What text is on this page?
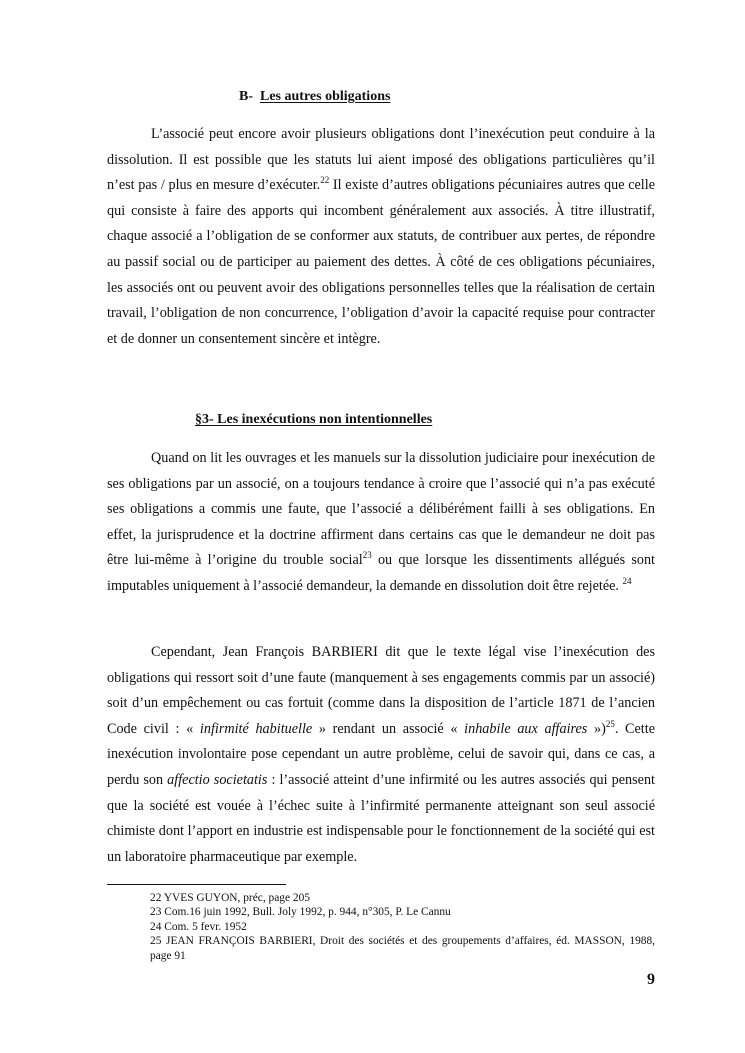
B- Les autres obligations

L’associé peut encore avoir plusieurs obligations dont l’inexécution peut conduire à la dissolution. Il est possible que les statuts lui aient imposé des obligations particulières qu’il n’est pas / plus en mesure d’exécuter.$^{22}$ Il existe d’autres obligations pécuniaires autres que celle qui consiste à faire des apports qui incombent généralement aux associés. À titre illustratif, chaque associé a l’obligation de se conformer aux statuts, de contribuer aux pertes, de répondre au passif social ou de participer au paiement des dettes. À côté de ces obligations pécuniaires, les associés ont ou peuvent avoir des obligations personnelles telles que la réalisation de certain travail, l’obligation de non concurrence, l’obligation d’avoir la capacité requise pour contracter et de donner un consentement sincère et intègre.

§3- Les inexécutions non intentionnelles

Quand on lit les ouvrages et les manuels sur la dissolution judiciaire pour inexécution de ses obligations par un associé, on a toujours tendance à croire que l’associé qui n’a pas exécuté ses obligations a commis une faute, que l’associé a délibérément failli à ses obligations. En effet, la jurisprudence et la doctrine affirment dans certains cas que le demandeur ne doit pas être lui-même à l’origine du trouble social$^{23}$ ou que lorsque les dissentiments allégués sont imputables uniquement à l’associé demandeur, la demande en dissolution doit être rejetée. $^{24}$

Cependant, Jean François BARBIERI dit que le texte légal vise l’inexécution des obligations qui ressort soit d’une faute (manquement à ses engagements commis par un associé) soit d’un empêchement ou cas fortuit (comme dans la disposition de l’article 1871 de l’ancien Code civil : « infirmité habituelle » rendant un associé « inhabile aux affaires »)$^{25}$. Cette inexécution involontaire pose cependant un autre problème, celui de savoir qui, dans ce cas, a perdu son affectio societatis : l’associé atteint d’une infirmité ou les autres associés qui pensent que la société est vouée à l’échec suite à l’infirmité permanente atteignant son seul associé chimiste dont l’apport en industrie est indispensable pour le fonctionnement de la société qui est un laboratoire pharmaceutique par exemple.

22 YVES GUYON, préc, page 205
23 Com.16 juin 1992, Bull. Joly 1992, p. 944, n°305, P. Le Cannu
24 Com. 5 fevr. 1952
25 JEAN FRANÇOIS BARBIERI, Droit des sociétés et des groupements d’affaires, éd. MASSON, 1988, page 91
9
